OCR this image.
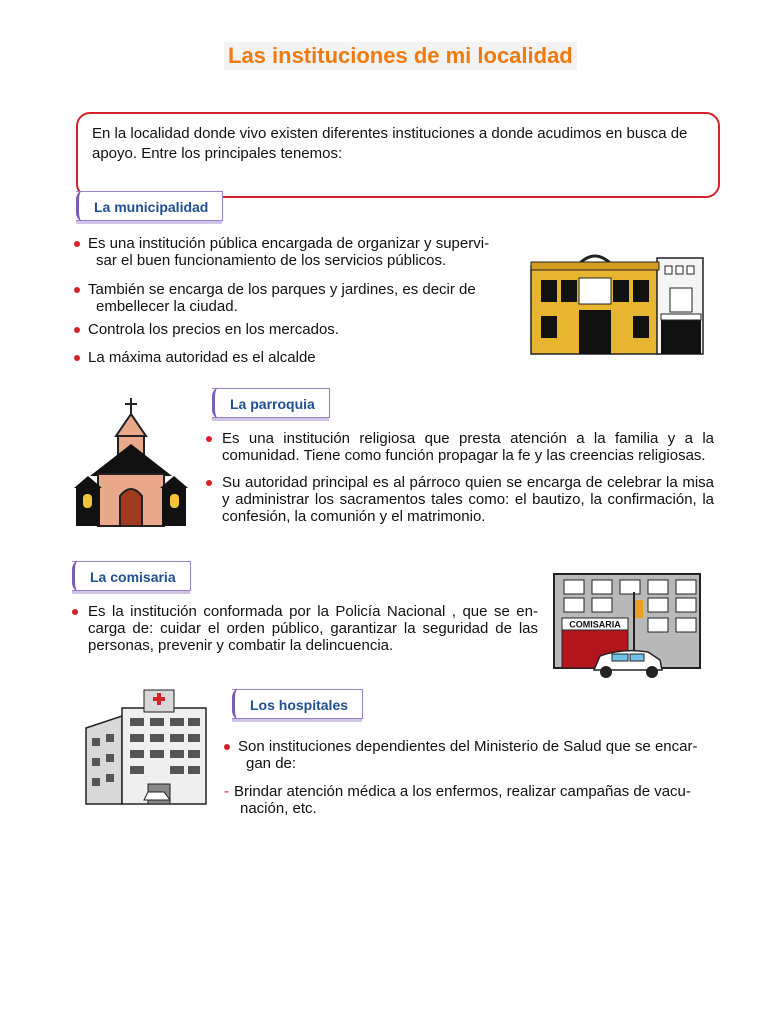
Las instituciones de mi localidad
En la localidad donde vivo existen diferentes instituciones a donde acudimos en busca de apoyo. Entre los principales tenemos:
La municipalidad
Es una institución pública encargada de organizar y supervi-
sar el buen funcionamiento de los servicios públicos.
También se encarga de los parques y jardines, es decir de
embellecer la ciudad.
Controla los precios en los mercados.
La máxima autoridad es el alcalde
La parroquia
Es una institución religiosa que presta atención a la familia y a la comunidad. Tiene como función propagar la fe y las creencias religiosas.
Su autoridad principal es al párroco quien se encarga de celebrar la misa y administrar los sacramentos tales como: el bautizo, la confirmación, la confesión, la comunión y el matrimonio.
La comisaria
Es la institución conformada por la Policía Nacional , que se en- carga de: cuidar el orden público, garantizar la seguridad de las personas, prevenir y combatir la delincuencia.
COMISARIA
Los hospitales
Son instituciones dependientes del Ministerio de Salud que se encar-
gan de:
- Brindar atención médica a los enfermos, realizar campañas de vacu-
nación, etc.
